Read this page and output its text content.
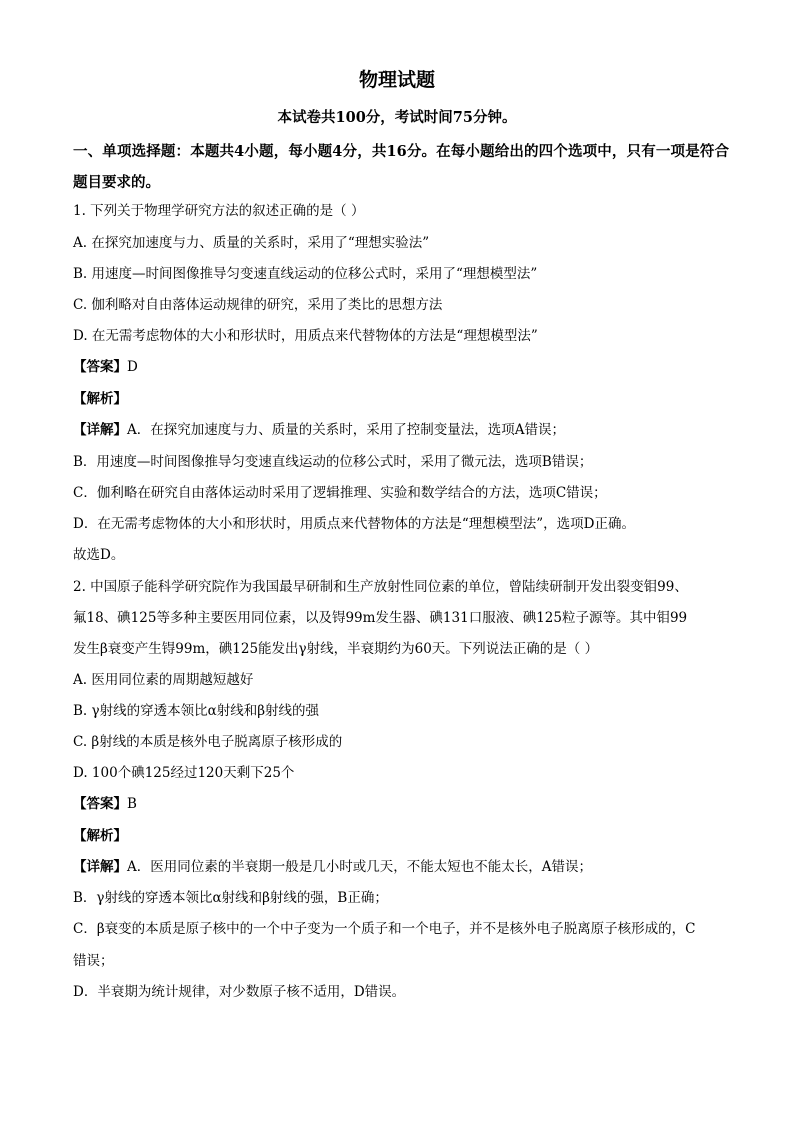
物理试题
本试卷共100分，考试时间75分钟。
一、单项选择题：本题共4小题，每小题4分，共16分。在每小题给出的四个选项中，只有一项是符合题目要求的。
1. 下列关于物理学研究方法的叙述正确的是（ ）
A. 在探究加速度与力、质量的关系时，采用了“理想实验法”
B. 用速度—时间图像推导匀变速直线运动的位移公式时，采用了“理想模型法”
C. 伽利略对自由落体运动规律的研究，采用了类比的思想方法
D. 在无需考虑物体的大小和形状时，用质点来代替物体的方法是“理想模型法”
【答案】D
【解析】
【详解】A．在探究加速度与力、质量的关系时，采用了控制变量法，选项A错误；
B．用速度—时间图像推导匀变速直线运动的位移公式时，采用了微元法，选项B错误；
C．伽利略在研究自由落体运动时采用了逻辑推理、实验和数学结合的方法，选项C错误；
D．在无需考虑物体的大小和形状时，用质点来代替物体的方法是“理想模型法”，选项D正确。
故选D。
2. 中国原子能科学研究院作为我国最早研制和生产放射性同位素的单位，曾陆续研制开发出裂变钼99、
氟18、碘125等多种主要医用同位素，以及锝99m发生器、碘131口服液、碘125粒子源等。其中钼99
发生β衰变产生锝99m，碘125能发出γ射线，半衰期约为60天。下列说法正确的是（ ）
A. 医用同位素的周期越短越好
B. γ射线的穿透本领比α射线和β射线的强
C. β射线的本质是核外电子脱离原子核形成的
D. 100个碘125经过120天剩下25个
【答案】B
【解析】
【详解】A．医用同位素的半衰期一般是几小时或几天，不能太短也不能太长，A错误；
B．γ射线的穿透本领比α射线和β射线的强，B正确；
C．β衰变的本质是原子核中的一个中子变为一个质子和一个电子，并不是核外电子脱离原子核形成的，C
错误；
D．半衰期为统计规律，对少数原子核不适用，D错误。
